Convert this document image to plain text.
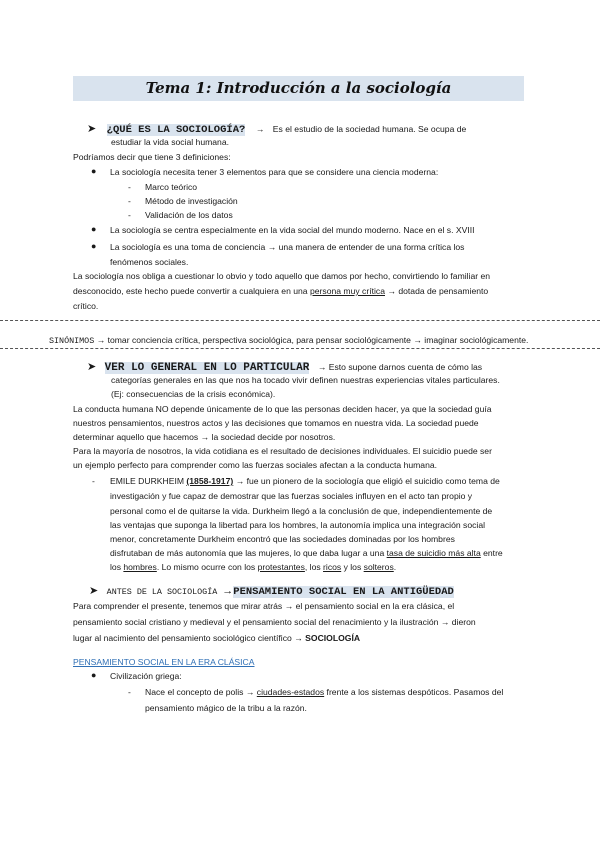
Tema 1: Introducción a la sociología
➤ ¿QUÉ ES LA SOCIOLOGÍA? → Es el estudio de la sociedad humana. Se ocupa de
estudiar la vida social humana.
Podríamos decir que tiene 3 definiciones:
● La sociología necesita tener 3 elementos para que se considere una ciencia moderna:
- Marco teórico
- Método de investigación
- Validación de los datos
● La sociología se centra especialmente en la vida social del mundo moderno. Nace en el s. XVIII
● La sociología es una toma de conciencia → una manera de entender de una forma crítica los
fenómenos sociales.
La sociología nos obliga a cuestionar lo obvio y todo aquello que damos por hecho, convirtiendo lo familiar en
desconocido, este hecho puede convertir a cualquiera en una persona muy crítica → dotada de pensamiento
crítico.
SINÓNIMOS → tomar conciencia crítica, perspectiva sociológica, para pensar sociológicamente → imaginar sociológicamente.
➤ VER LO GENERAL EN LO PARTICULAR → Esto supone darnos cuenta de cómo las
categorías generales en las que nos ha tocado vivir definen nuestras experiencias vitales particulares.
(Ej: consecuencias de la crisis económica).
La conducta humana NO depende únicamente de lo que las personas deciden hacer, ya que la sociedad guía
nuestros pensamientos, nuestros actos y las decisiones que tomamos en nuestra vida. La sociedad puede
determinar aquello que hacemos → la sociedad decide por nosotros.
Para la mayoría de nosotros, la vida cotidiana es el resultado de decisiones individuales. El suicidio puede ser
un ejemplo perfecto para comprender como las fuerzas sociales afectan a la conducta humana.
- EMILE DURKHEIM (1858-1917) → fue un pionero de la sociología que eligió el suicidio como tema de
investigación y fue capaz de demostrar que las fuerzas sociales influyen en el acto tan propio y
personal como el de quitarse la vida. Durkheim llegó a la conclusión de que, independientemente de
las ventajas que suponga la libertad para los hombres, la autonomía implica una integración social
menor, concretamente Durkheim encontró que las sociedades dominadas por los hombres
disfrutaban de más autonomía que las mujeres, lo que daba lugar a una tasa de suicidio más alta entre
los hombres. Lo mismo ocurre con los protestantes, los ricos y los solteros.
➤ ANTES DE LA SOCIOLOGÍA →PENSAMIENTO SOCIAL EN LA ANTIGÜEDAD
Para comprender el presente, tenemos que mirar atrás → el pensamiento social en la era clásica, el
pensamiento social cristiano y medieval y el pensamiento social del renacimiento y la ilustración → dieron
lugar al nacimiento del pensamiento sociológico científico → SOCIOLOGÍA
PENSAMIENTO SOCIAL EN LA ERA CLÁSICA
● Civilización griega:
- Nace el concepto de polis → ciudades-estados frente a los sistemas despóticos. Pasamos del
pensamiento mágico de la tribu a la razón.
